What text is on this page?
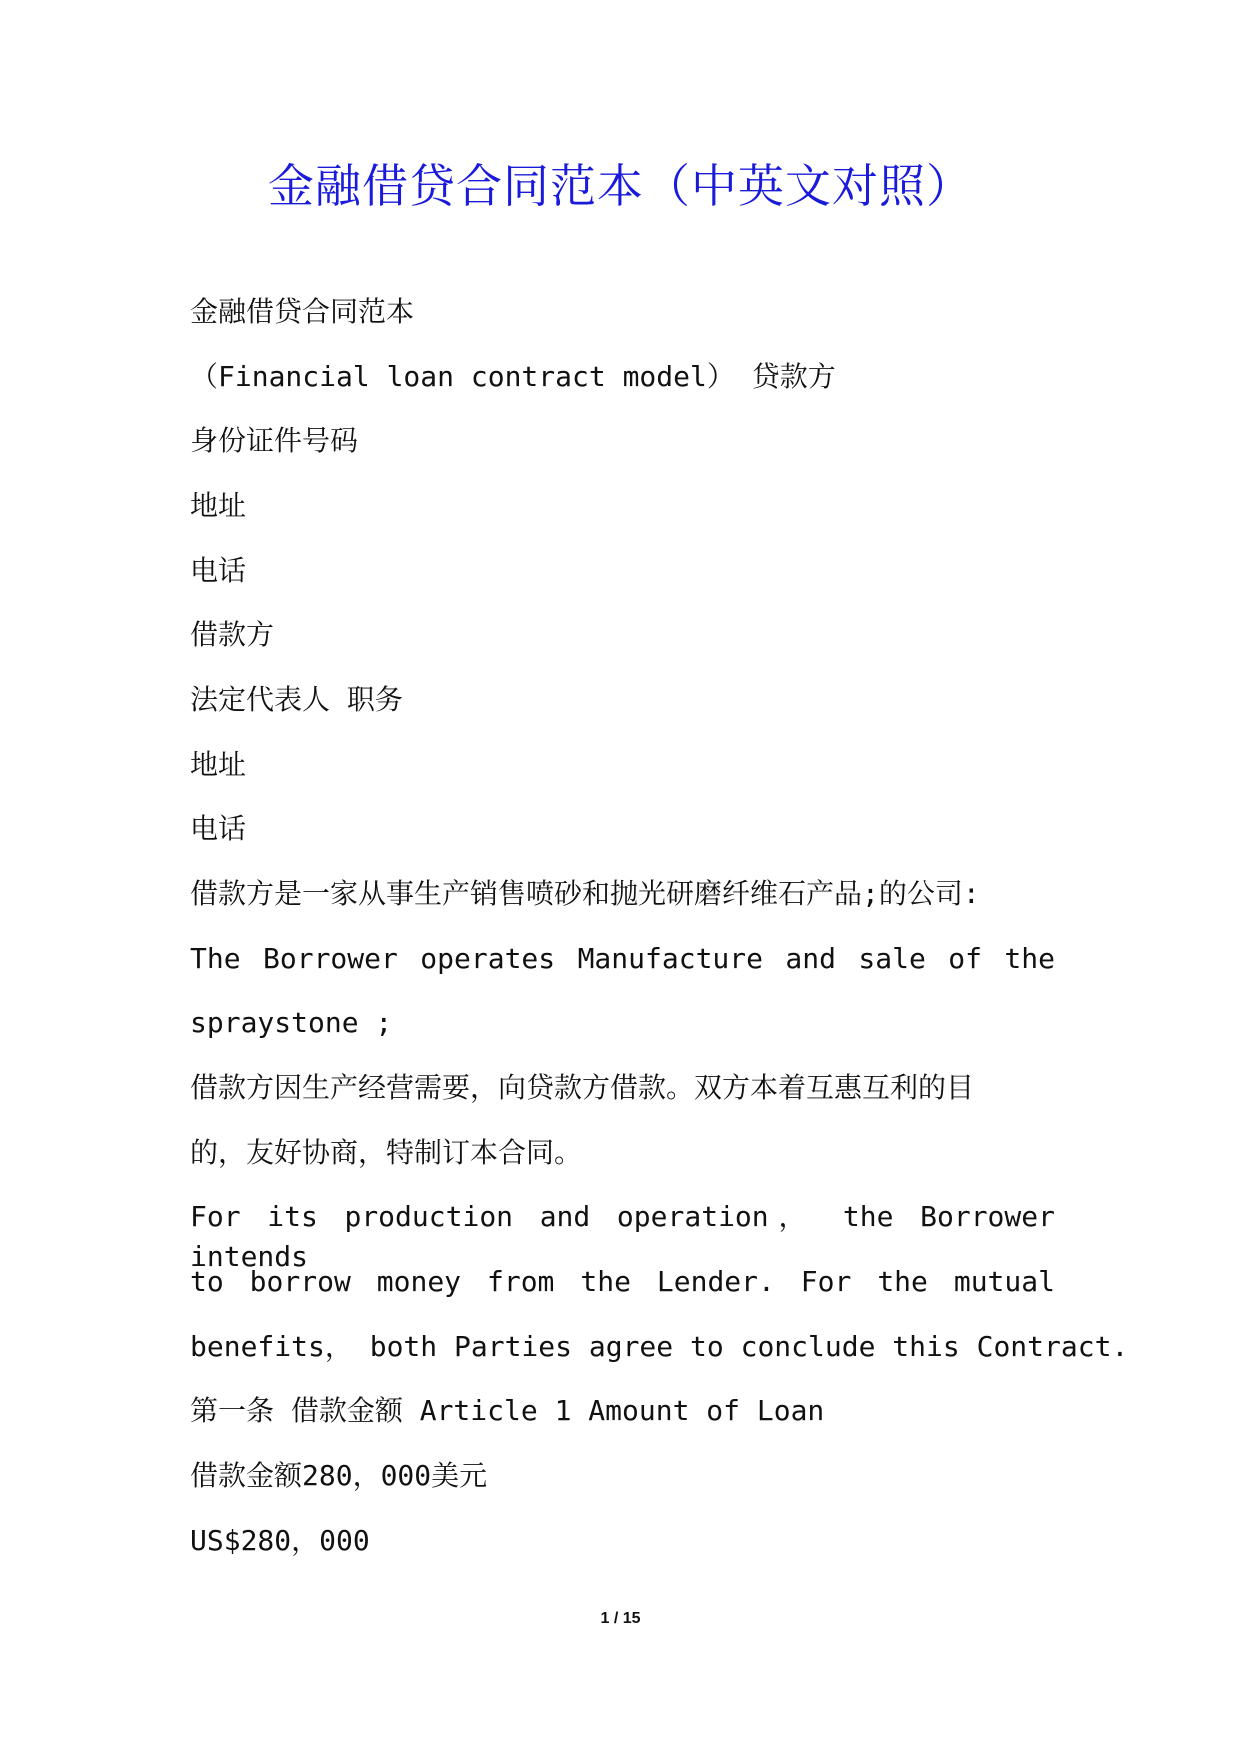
金融借贷合同范本（中英文对照）
金融借贷合同范本
（Financial loan contract model） 贷款方
身份证件号码
地址
电话
借款方
法定代表人 职务
地址
电话
借款方是一家从事生产销售喷砂和抛光研磨纤维石产品;的公司:
The Borrower operates Manufacture and sale of the
spraystone ;
借款方因生产经营需要，向贷款方借款。双方本着互惠互利的目
的，友好协商，特制订本合同。
For its production and operation， the Borrower intends
to borrow money from the Lender. For the mutual
benefits， both Parties agree to conclude this Contract.
第一条 借款金额 Article 1 Amount of Loan
借款金额280，000美元
US$280，000
1 / 15
